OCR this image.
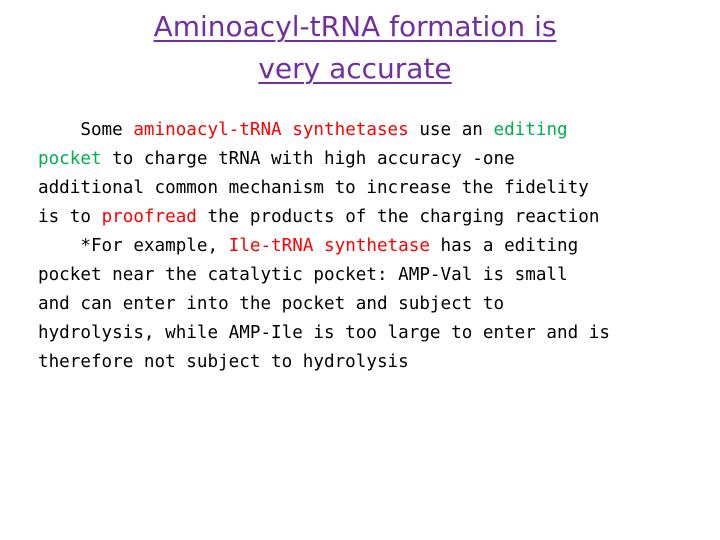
Aminoacyl-tRNA formation is
very accurate
Some aminoacyl-tRNA synthetases use an editing
pocket to charge tRNA with high accuracy -one
additional common mechanism to increase the fidelity
is to proofread the products of the charging reaction
*For example, Ile-tRNA synthetase has a editing
pocket near the catalytic pocket: AMP-Val is small
and can enter into the pocket and subject to
hydrolysis, while AMP-Ile is too large to enter and is
therefore not subject to hydrolysis
